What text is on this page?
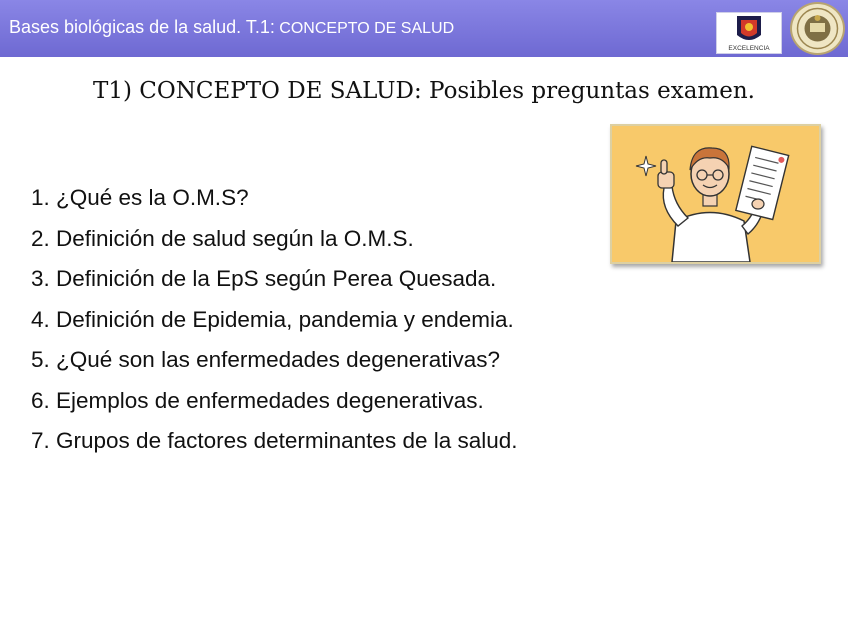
Bases biológicas de la salud. T.1: CONCEPTO DE SALUD
EXCELENCIA
T1) CONCEPTO DE SALUD: Posibles preguntas examen.
1. ¿Qué es la O.M.S?
2. Definición de salud según la O.M.S.
3. Definición de la EpS según Perea Quesada.
4. Definición de Epidemia, pandemia y endemia.
5. ¿Qué son las enfermedades degenerativas?
6. Ejemplos de enfermedades degenerativas.
7. Grupos de factores determinantes de la salud.
